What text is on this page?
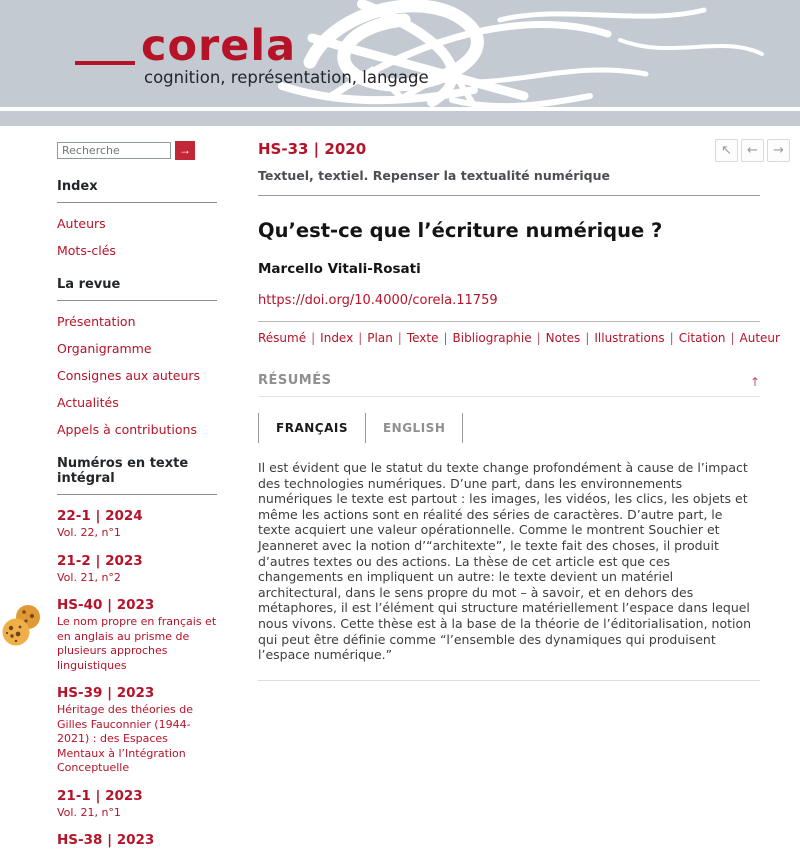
corela
cognition, représentation, langage
↖	←	→
Recherche
→
Index
Auteurs
Mots-clés
La revue
Présentation
Organigramme
Consignes aux auteurs
Actualités
Appels à contributions
Numéros en texte intégral
22-1 | 2024
Vol. 22, n°1
21-2 | 2023
Vol. 21, n°2
HS-40 | 2023
Le nom propre en français et en anglais au prisme de plusieurs approches linguistiques
HS-39 | 2023
Héritage des théories de Gilles Fauconnier (1944-2021) : des Espaces Mentaux à l’Intégration Conceptuelle
21-1 | 2023
Vol. 21, n°1
HS-38 | 2023
HS-33 | 2020
Textuel, textiel. Repenser la textualité numérique
Qu’est-ce que l’écriture numérique ?
Marcello Vitali-Rosati
https://doi.org/10.4000/corela.11759
Résumé | Index | Plan | Texte | Bibliographie | Notes | Illustrations | Citation | Auteur
RÉSUMÉS	↑
FRANÇAIS	ENGLISH

Il est évident que le statut du texte change profondément à cause de l’impact des technologies numériques. D’une part, dans les environnements numériques le texte est partout : les images, les vidéos, les clics, les objets et même les actions sont en réalité des séries de caractères. D’autre part, le texte acquiert une valeur opérationnelle. Comme le montrent Souchier et Jeanneret avec la notion d’“architexte”, le texte fait des choses, il produit d’autres textes ou des actions. La thèse de cet article est que ces changements en impliquent un autre: le texte devient un matériel architectural, dans le sens propre du mot – à savoir, et en dehors des métaphores, il est l’élément qui structure matériellement l’espace dans lequel nous vivons. Cette thèse est à la base de la théorie de l’éditorialisation, notion qui peut être définie comme “l’ensemble des dynamiques qui produisent l’espace numérique.”
